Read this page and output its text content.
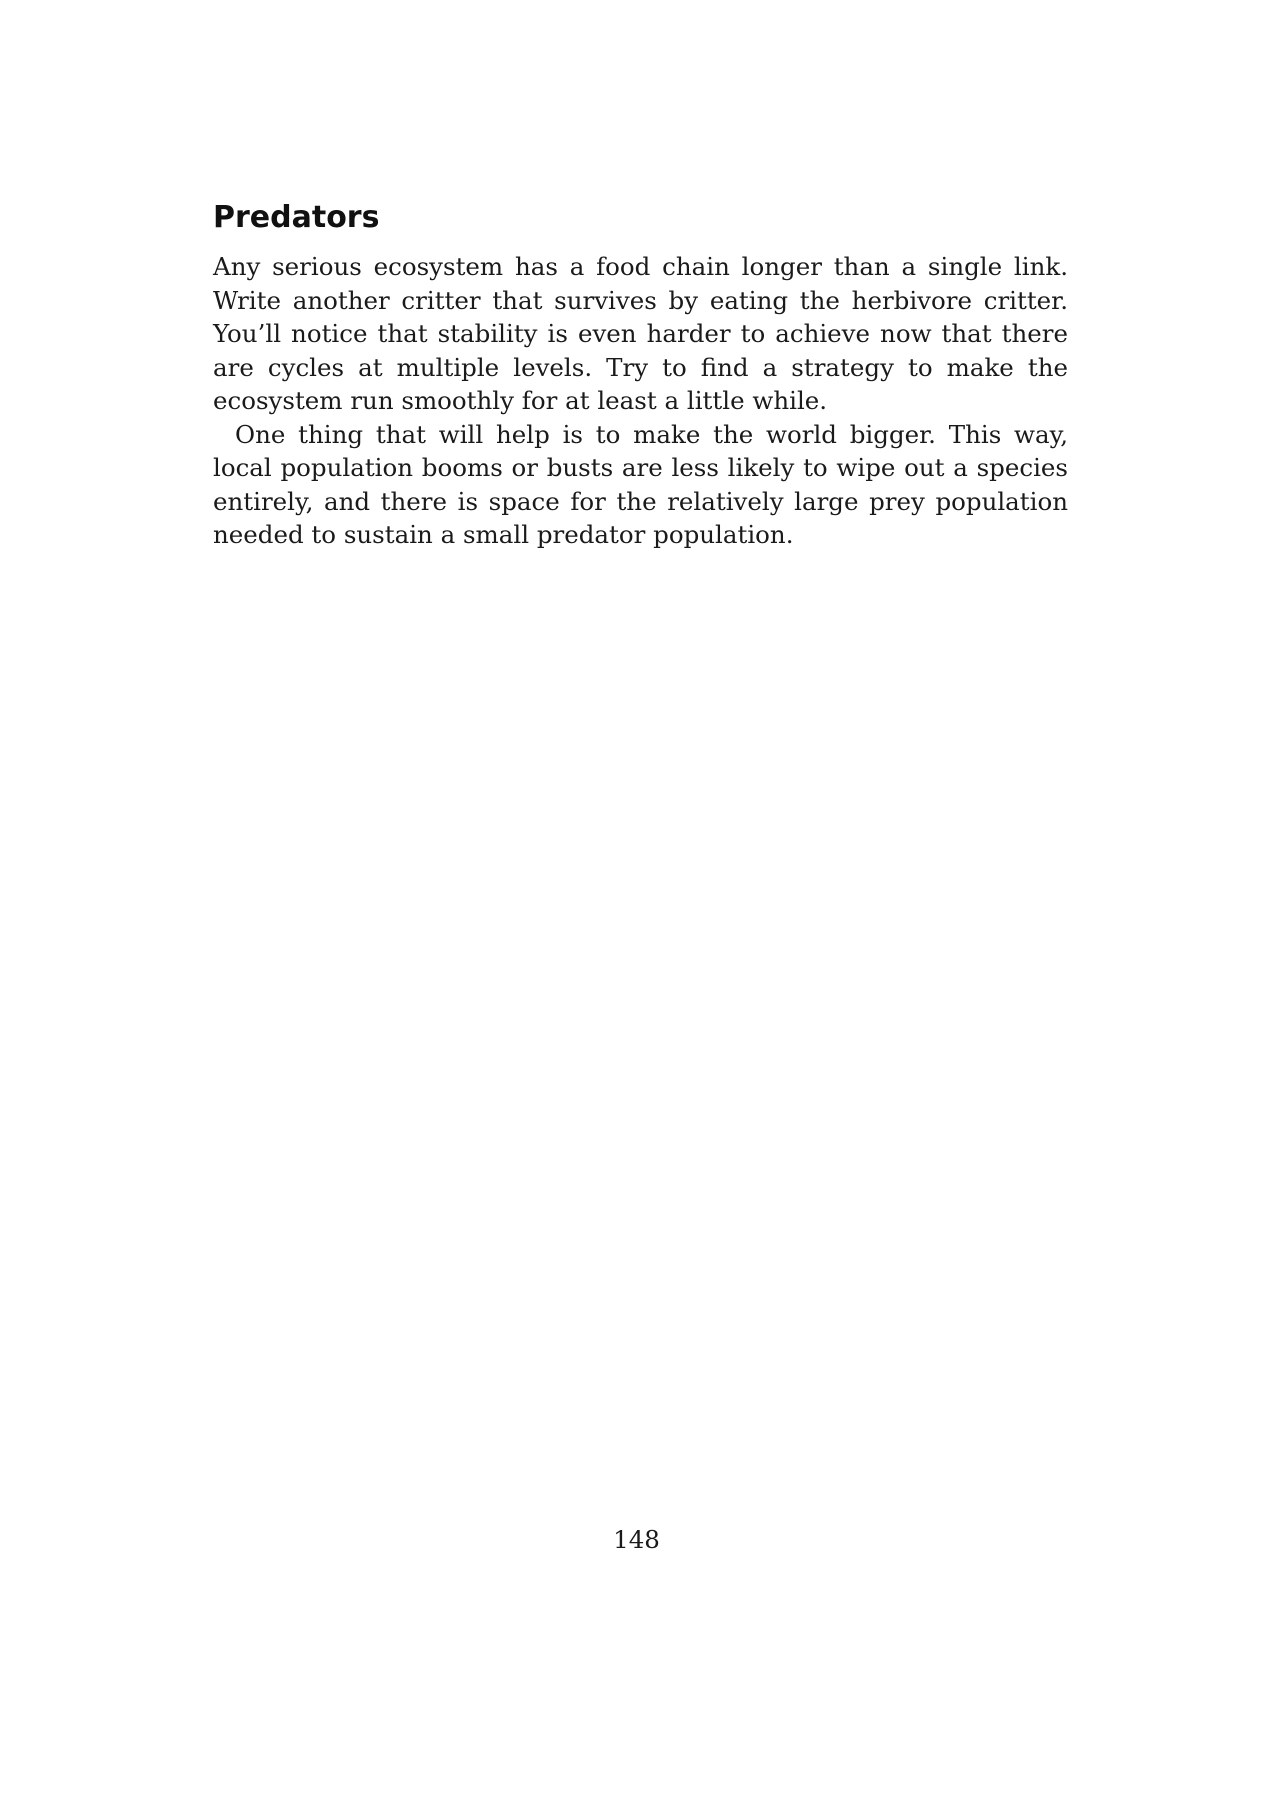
Predators

Any serious ecosystem has a food chain longer than a single link. Write another critter that survives by eating the herbivore critter. You’ll notice that stability is even harder to achieve now that there are cycles at multiple levels. Try to find a strategy to make the ecosystem run smoothly for at least a little while.

One thing that will help is to make the world bigger. This way, local population booms or busts are less likely to wipe out a species entirely, and there is space for the relatively large prey population needed to sustain a small predator population.

148
